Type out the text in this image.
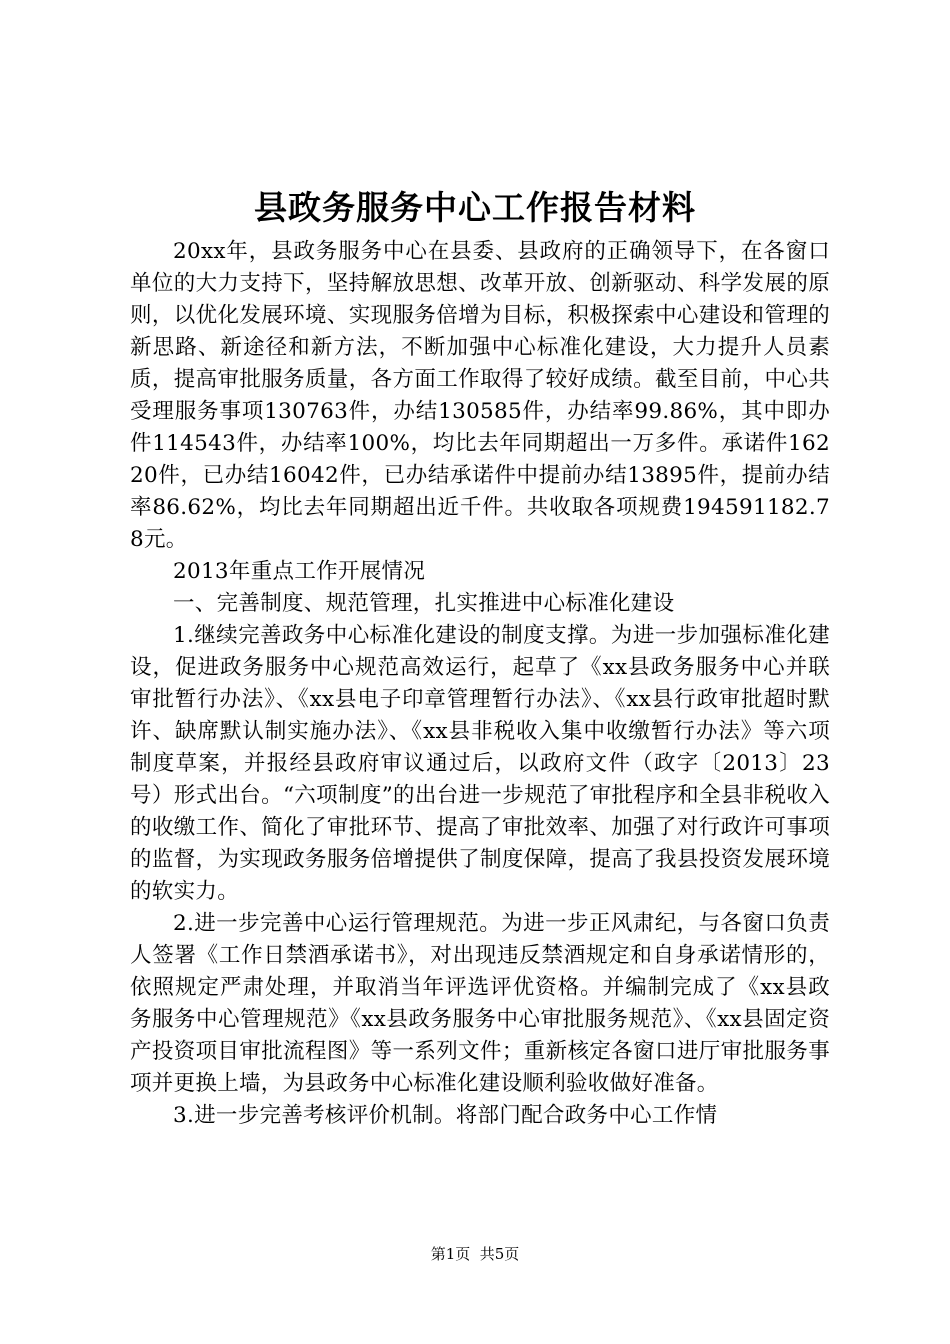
县政务服务中心工作报告材料

20xx年，县政务服务中心在县委、县政府的正确领导下，在各窗口单位的大力支持下，坚持解放思想、改革开放、创新驱动、科学发展的原则，以优化发展环境、实现服务倍增为目标，积极探索中心建设和管理的新思路、新途径和新方法，不断加强中心标准化建设，大力提升人员素质，提高审批服务质量，各方面工作取得了较好成绩。截至目前，中心共受理服务事项130763件，办结130585件，办结率99.86%，其中即办件114543件，办结率100%，均比去年同期超出一万多件。承诺件16220件，已办结16042件，已办结承诺件中提前办结13895件，提前办结率86.62%，均比去年同期超出近千件。共收取各项规费194591182.78元。

2013年重点工作开展情况

一、完善制度、规范管理，扎实推进中心标准化建设

1.继续完善政务中心标准化建设的制度支撑。为进一步加强标准化建设，促进政务服务中心规范高效运行，起草了《xx县政务服务中心并联审批暂行办法》、《xx县电子印章管理暂行办法》、《xx县行政审批超时默许、缺席默认制实施办法》、《xx县非税收入集中收缴暂行办法》等六项制度草案，并报经县政府审议通过后，以政府文件（政字〔2013〕23号）形式出台。“六项制度”的出台进一步规范了审批程序和全县非税收入的收缴工作、简化了审批环节、提高了审批效率、加强了对行政许可事项的监督，为实现政务服务倍增提供了制度保障，提高了我县投资发展环境的软实力。

2.进一步完善中心运行管理规范。为进一步正风肃纪，与各窗口负责人签署《工作日禁酒承诺书》，对出现违反禁酒规定和自身承诺情形的，依照规定严肃处理，并取消当年评选评优资格。并编制完成了《xx县政务服务中心管理规范》《xx县政务服务中心审批服务规范》、《xx县固定资产投资项目审批流程图》等一系列文件；重新核定各窗口进厅审批服务事项并更换上墙，为县政务中心标准化建设顺利验收做好准备。

3.进一步完善考核评价机制。将部门配合政务中心工作情

第1页  共5页
